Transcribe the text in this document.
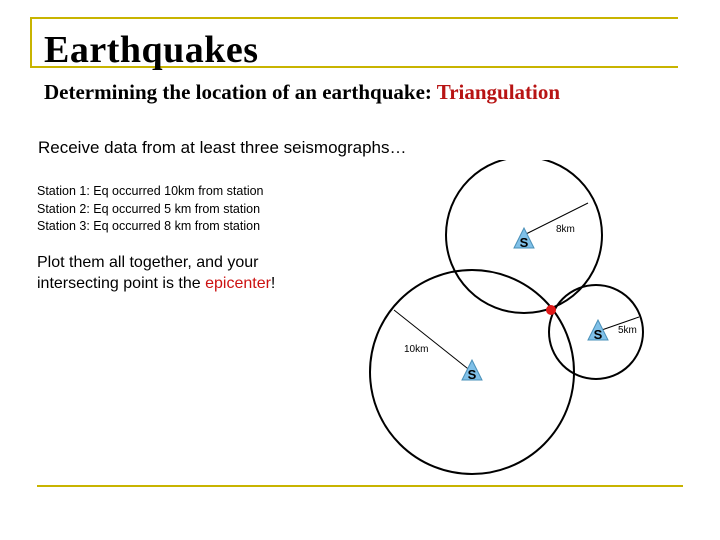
Earthquakes
Determining the location of an earthquake: Triangulation
Receive data from at least three seismographs…
Station 1: Eq occurred 10km from station
Station 2: Eq occurred 5 km from station
Station 3: Eq occurred 8 km from station
Plot them all together, and your
intersecting point is the epicenter!
10km
8km
5km
S
S
S
